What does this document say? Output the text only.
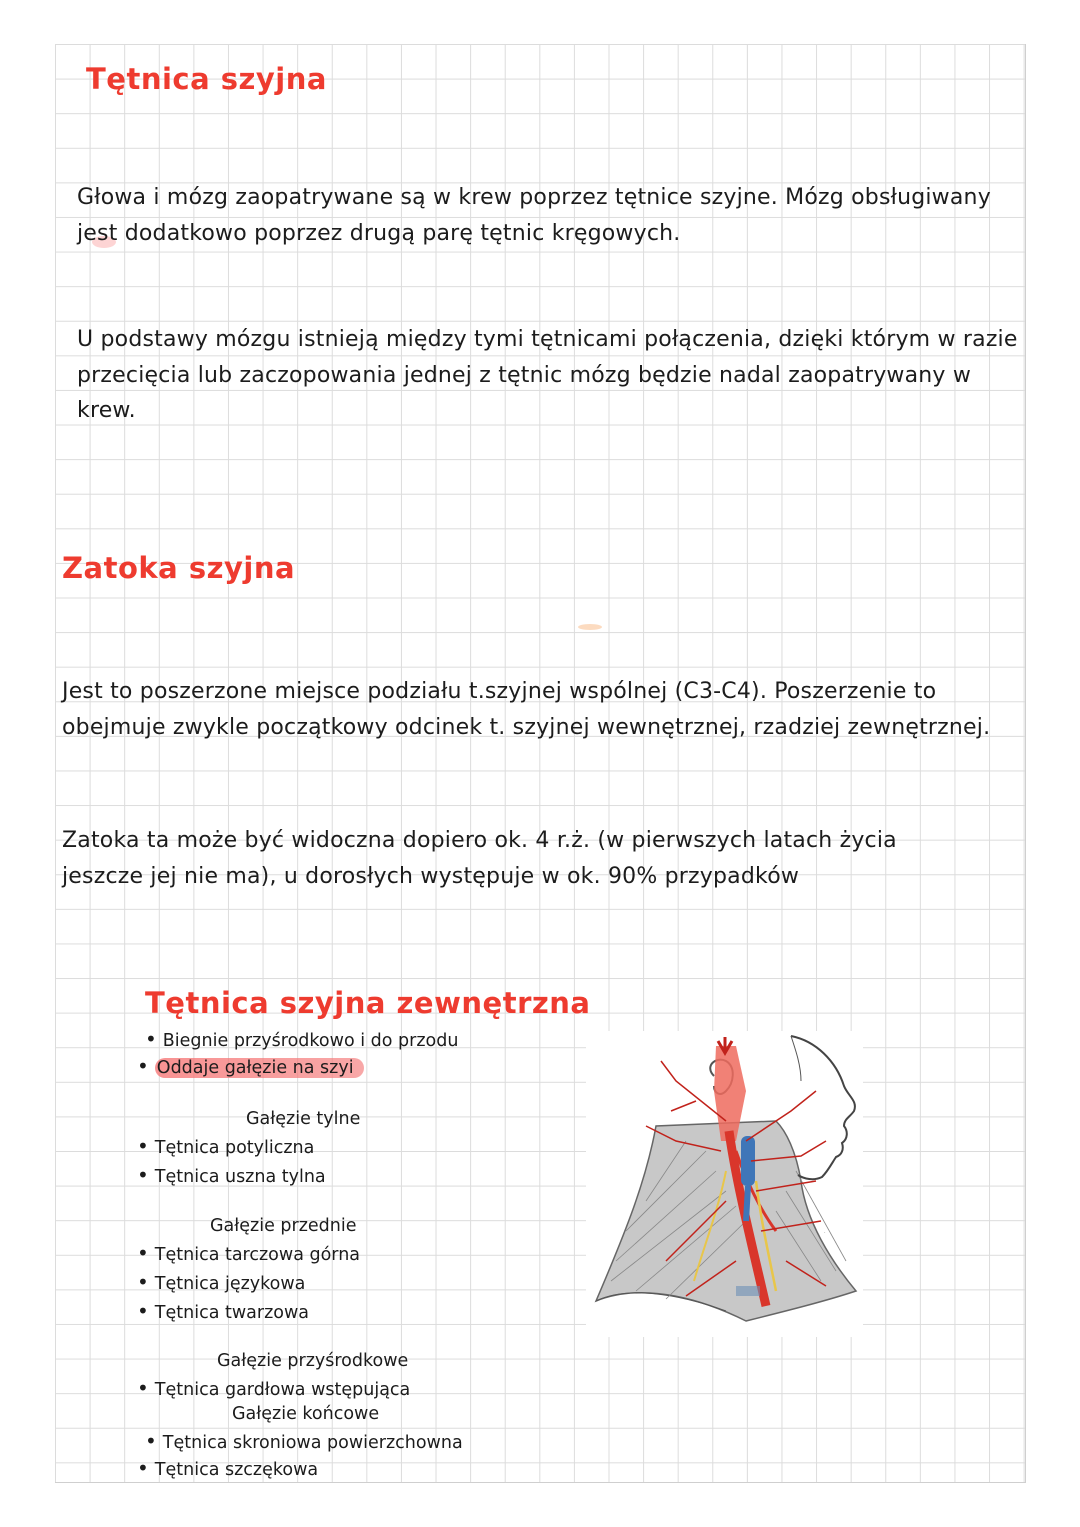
Tętnica szyjna

Głowa i mózg zaopatrywane są w krew poprzez tętnice szyjne. Mózg obsługiwany jest dodatkowo poprzez drugą parę tętnic kręgowych.

U podstawy mózgu istnieją między tymi tętnicami połączenia, dzięki którym w razie przecięcia lub zaczopowania jednej z tętnic mózg będzie nadal zaopatrywany w krew.

Zatoka szyjna

Jest to poszerzone miejsce podziału t.szyjnej wspólnej (C3-C4). Poszerzenie to obejmuje zwykle początkowy odcinek t. szyjnej wewnętrznej, rzadziej zewnętrznej.

Zatoka ta może być widoczna dopiero ok. 4 r.ż. (w pierwszych latach życia jeszcze jej nie ma), u dorosłych występuje w ok. 90% przypadków

Tętnica szyjna zewnętrzna
• Biegnie przyśrodkowo i do przodu
• Oddaje gałęzie na szyi
Gałęzie tylne
• Tętnica potyliczna
• Tętnica uszna tylna
Gałęzie przednie
• Tętnica tarczowa górna
• Tętnica językowa
• Tętnica twarzowa
Gałęzie przyśrodkowe
• Tętnica gardłowa wstępująca
Gałęzie końcowe
• Tętnica skroniowa powierzchowna
• Tętnica szczękowa
·
